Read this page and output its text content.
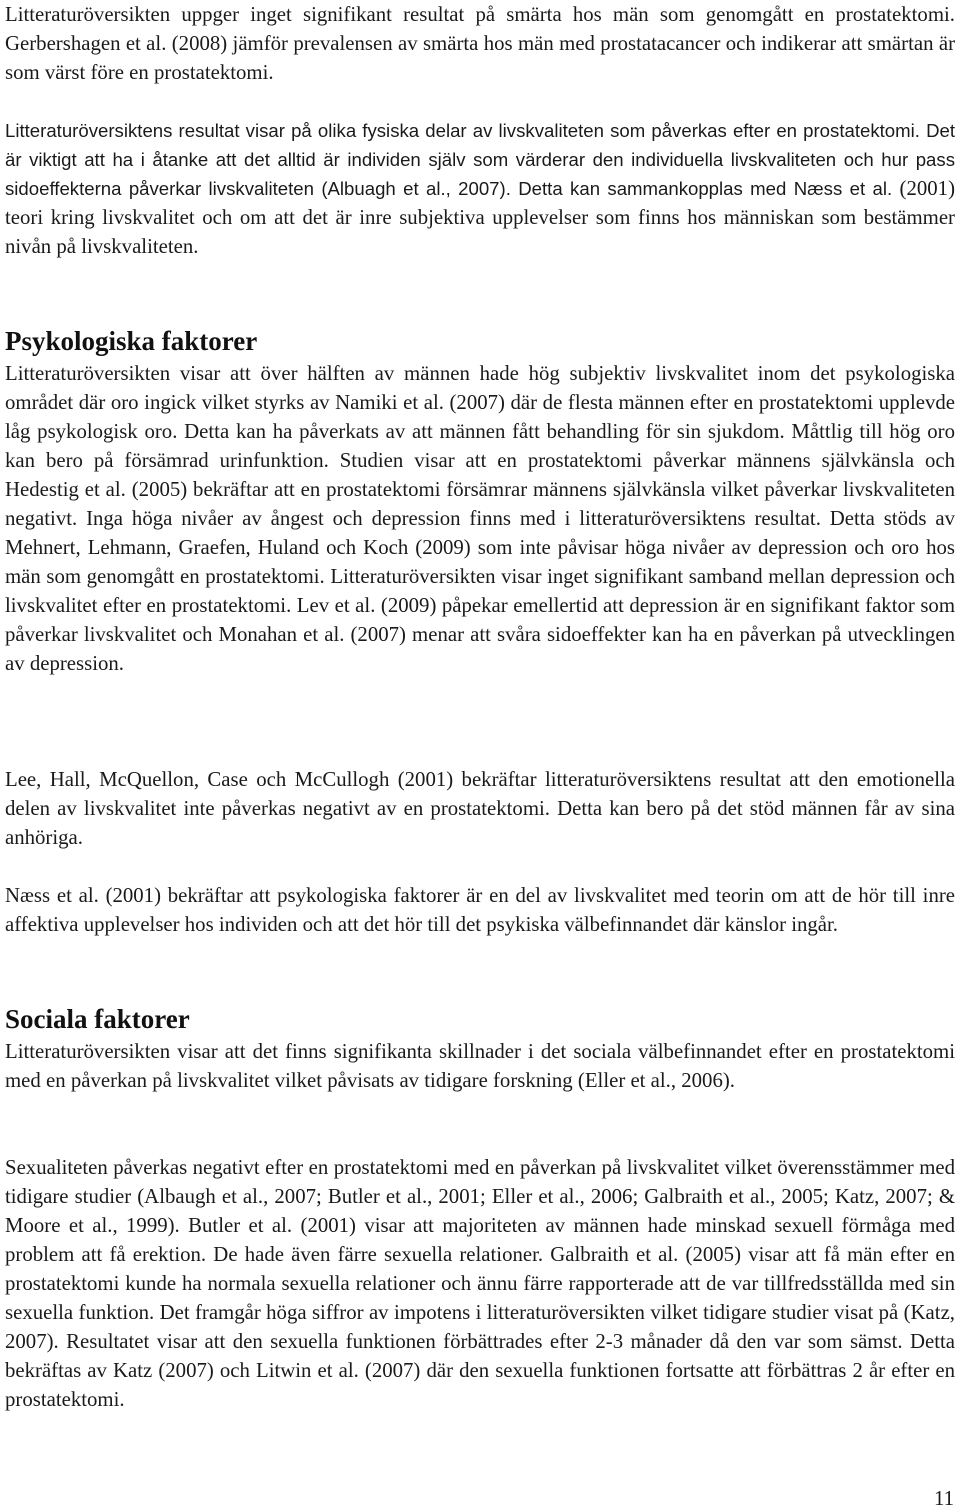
Litteraturöversikten uppger inget signifikant resultat på smärta hos män som genomgått en prostatektomi. Gerbershagen et al. (2008) jämför prevalensen av smärta hos män med prostatacancer och indikerar att smärtan är som värst före en prostatektomi.

Litteraturöversiktens resultat visar på olika fysiska delar av livskvaliteten som påverkas efter en prostatektomi. Det är viktigt att ha i åtanke att det alltid är individen själv som värderar den individuella livskvaliteten och hur pass sidoeffekterna påverkar livskvaliteten (Albuagh et al., 2007). Detta kan sammankopplas med Næss et al. (2001) teori kring livskvalitet och om att det är inre subjektiva upplevelser som finns hos människan som bestämmer nivån på livskvaliteten.

Psykologiska faktorer

Litteraturöversikten visar att över hälften av männen hade hög subjektiv livskvalitet inom det psykologiska området där oro ingick vilket styrks av Namiki et al. (2007) där de flesta männen efter en prostatektomi upplevde låg psykologisk oro. Detta kan ha påverkats av att männen fått behandling för sin sjukdom. Måttlig till hög oro kan bero på försämrad urinfunktion. Studien visar att en prostatektomi påverkar männens självkänsla och Hedestig et al. (2005) bekräftar att en prostatektomi försämrar männens självkänsla vilket påverkar livskvaliteten negativt. Inga höga nivåer av ångest och depression finns med i litteraturöversiktens resultat. Detta stöds av Mehnert, Lehmann, Graefen, Huland och Koch (2009) som inte påvisar höga nivåer av depression och oro hos män som genomgått en prostatektomi. Litteraturöversikten visar inget signifikant samband mellan depression och livskvalitet efter en prostatektomi. Lev et al. (2009) påpekar emellertid att depression är en signifikant faktor som påverkar livskvalitet och Monahan et al. (2007) menar att svåra sidoeffekter kan ha en påverkan på utvecklingen av depression.

Lee, Hall, McQuellon, Case och McCullogh (2001) bekräftar litteraturöversiktens resultat att den emotionella delen av livskvalitet inte påverkas negativt av en prostatektomi. Detta kan bero på det stöd männen får av sina anhöriga.

Næss et al. (2001) bekräftar att psykologiska faktorer är en del av livskvalitet med teorin om att de hör till inre affektiva upplevelser hos individen och att det hör till det psykiska välbefinnandet där känslor ingår.

Sociala faktorer

Litteraturöversikten visar att det finns signifikanta skillnader i det sociala välbefinnandet efter en prostatektomi med en påverkan på livskvalitet vilket påvisats av tidigare forskning (Eller et al., 2006).

Sexualiteten påverkas negativt efter en prostatektomi med en påverkan på livskvalitet vilket överensstämmer med tidigare studier (Albaugh et al., 2007; Butler et al., 2001; Eller et al., 2006; Galbraith et al., 2005; Katz, 2007; & Moore et al., 1999). Butler et al. (2001) visar att majoriteten av männen hade minskad sexuell förmåga med problem att få erektion. De hade även färre sexuella relationer. Galbraith et al. (2005) visar att få män efter en prostatektomi kunde ha normala sexuella relationer och ännu färre rapporterade att de var tillfredsställda med sin sexuella funktion. Det framgår höga siffror av impotens i litteraturöversikten vilket tidigare studier visat på (Katz, 2007). Resultatet visar att den sexuella funktionen förbättrades efter 2-3 månader då den var som sämst. Detta bekräftas av Katz (2007) och Litwin et al. (2007) där den sexuella funktionen fortsatte att förbättras 2 år efter en prostatektomi.

11
